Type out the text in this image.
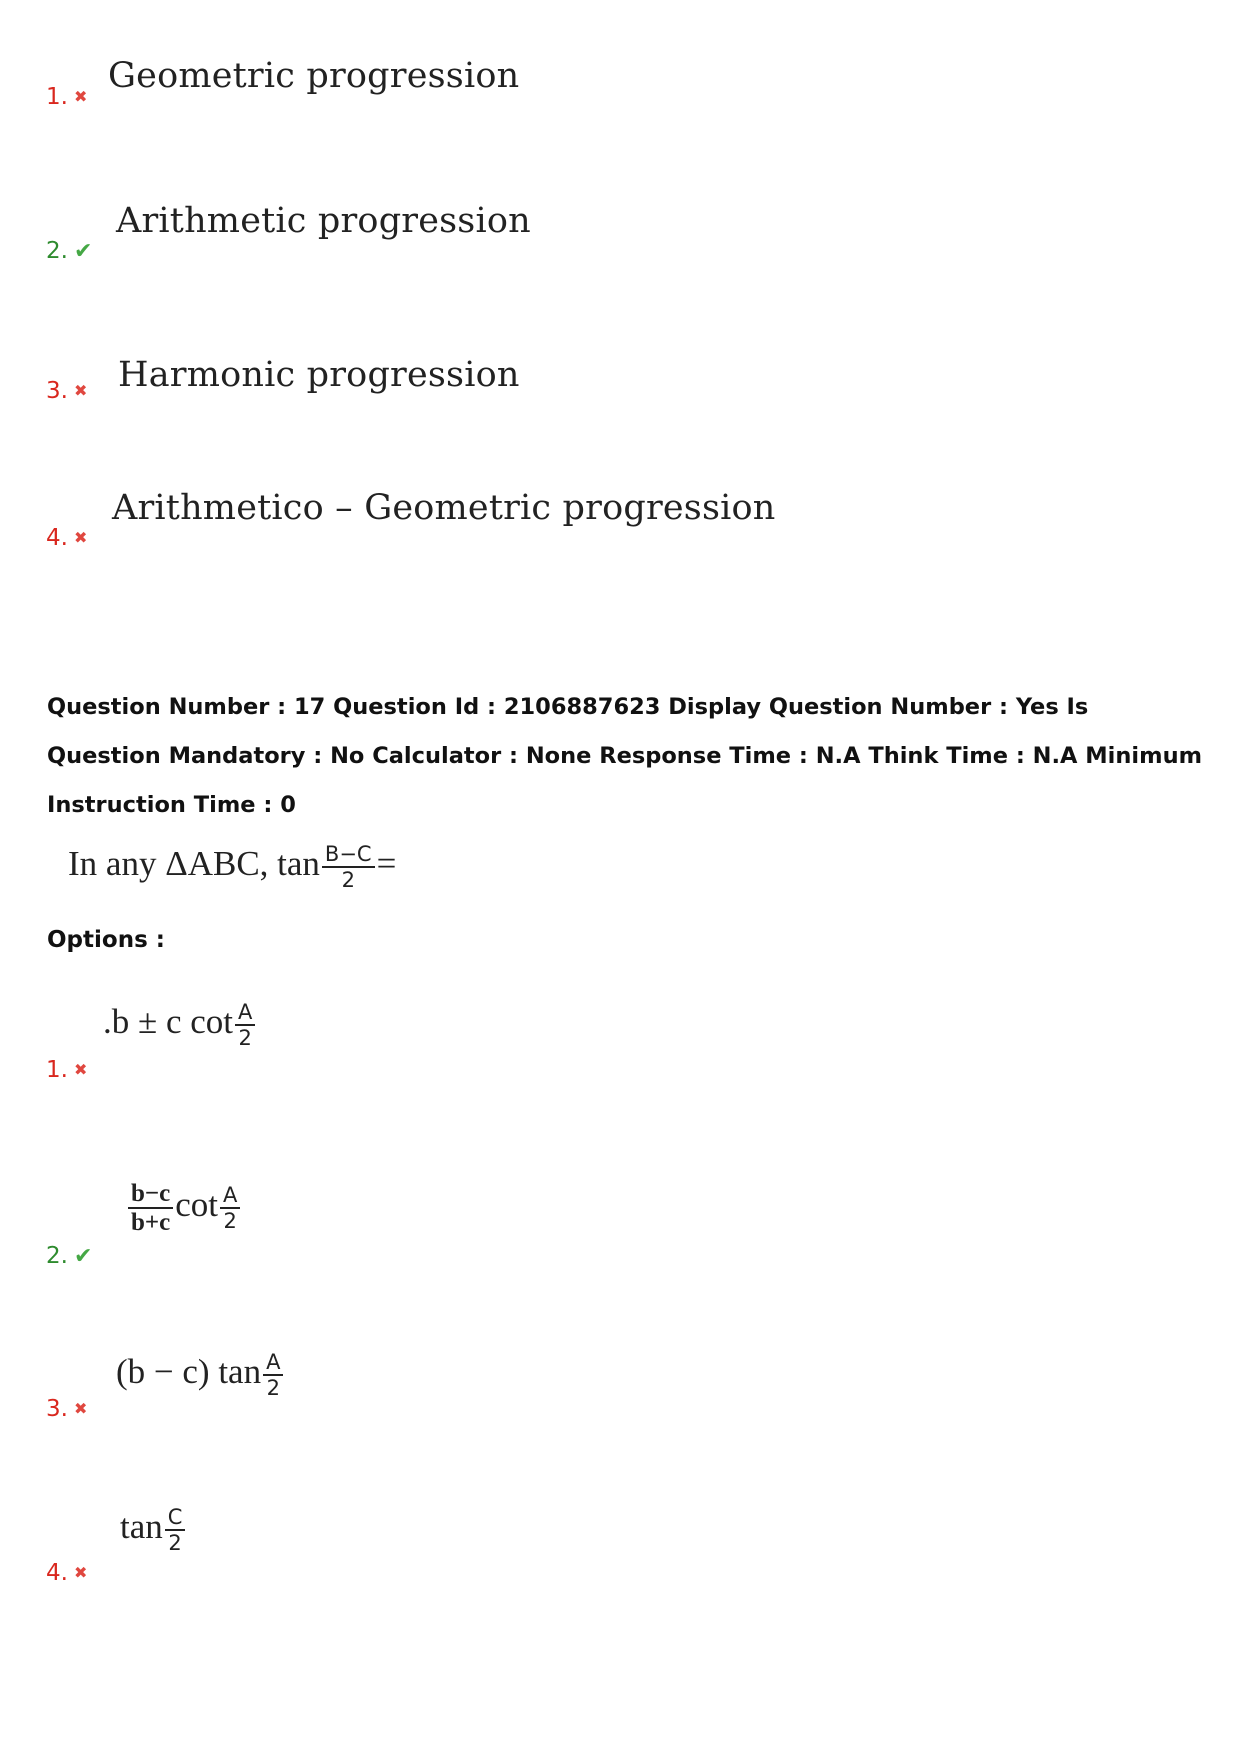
1. ✖
Geometric progression
2. ✔
Arithmetic progression
3. ✖ Harmonic progression
4. ✖
Arithmetico – Geometric progression
Question Number : 17 Question Id : 2106887623 Display Question Number : Yes Is Question Mandatory : No Calculator : None Response Time : N.A Think Time : N.A Minimum Instruction Time : 0
In any ΔABC, $\tan \frac{B-C}{2}$ =
Options :
1. ✖
.b ± c $\cot \frac{A}{2}$
2. ✔
$\frac{b-c}{b+c}$ $\cot \frac{A}{2}$
3. ✖
(b − c) $\tan \frac{A}{2}$
4. ✖
$\tan \frac{C}{2}$
